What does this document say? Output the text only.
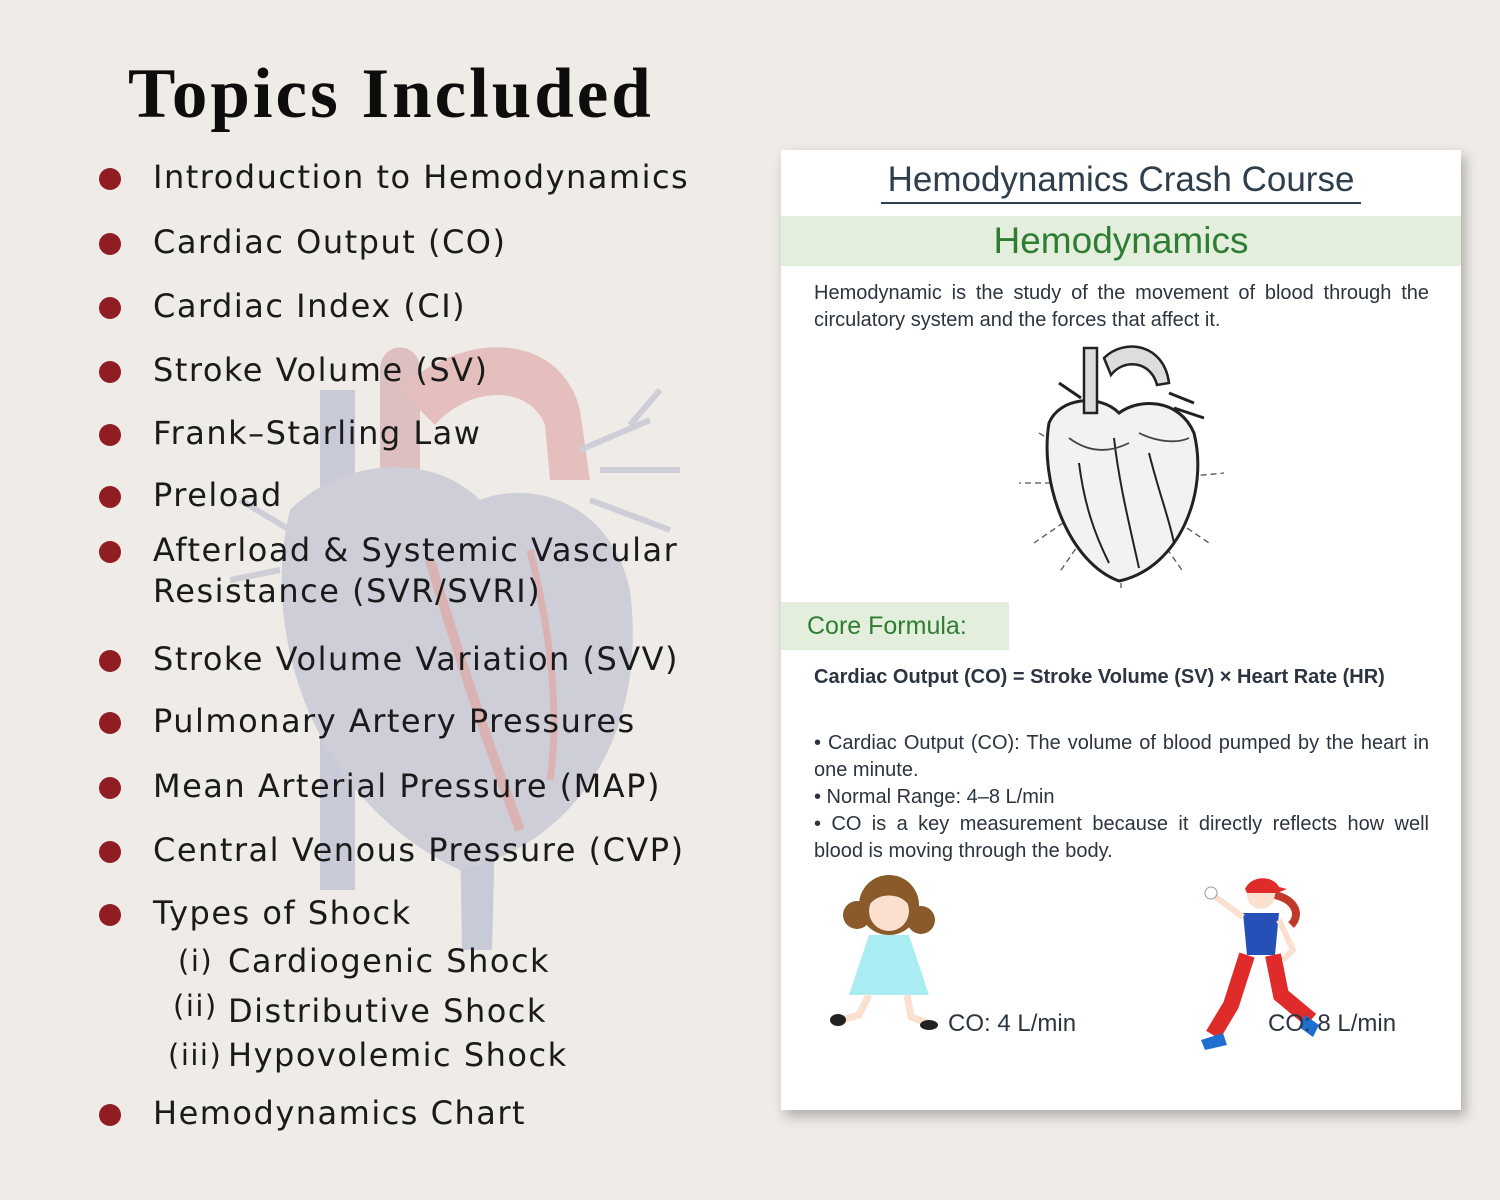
Topics Included
Introduction to Hemodynamics
Cardiac Output (CO)
Cardiac Index (CI)
Stroke Volume (SV)
Frank–Starling Law
Preload
Afterload & Systemic Vascular
Resistance (SVR/SVRI)
Stroke Volume Variation (SVV)
Pulmonary Artery Pressures
Mean Arterial Pressure (MAP)
Central Venous Pressure (CVP)
Types of Shock
(i) Cardiogenic Shock
(ii) Distributive Shock
(iii) Hypovolemic Shock
Hemodynamics Chart
Hemodynamics Crash Course
Hemodynamics
Hemodynamic is the study of the movement of blood through the circulatory system and the forces that affect it.
Core Formula:
Cardiac Output (CO) = Stroke Volume (SV) × Heart Rate (HR)
• Cardiac Output (CO): The volume of blood pumped by the heart in one minute.
• Normal Range: 4–8 L/min
• CO is a key measurement because it directly reflects how well blood is moving through the body.
CO: 4 L/min	CO: 8 L/min
